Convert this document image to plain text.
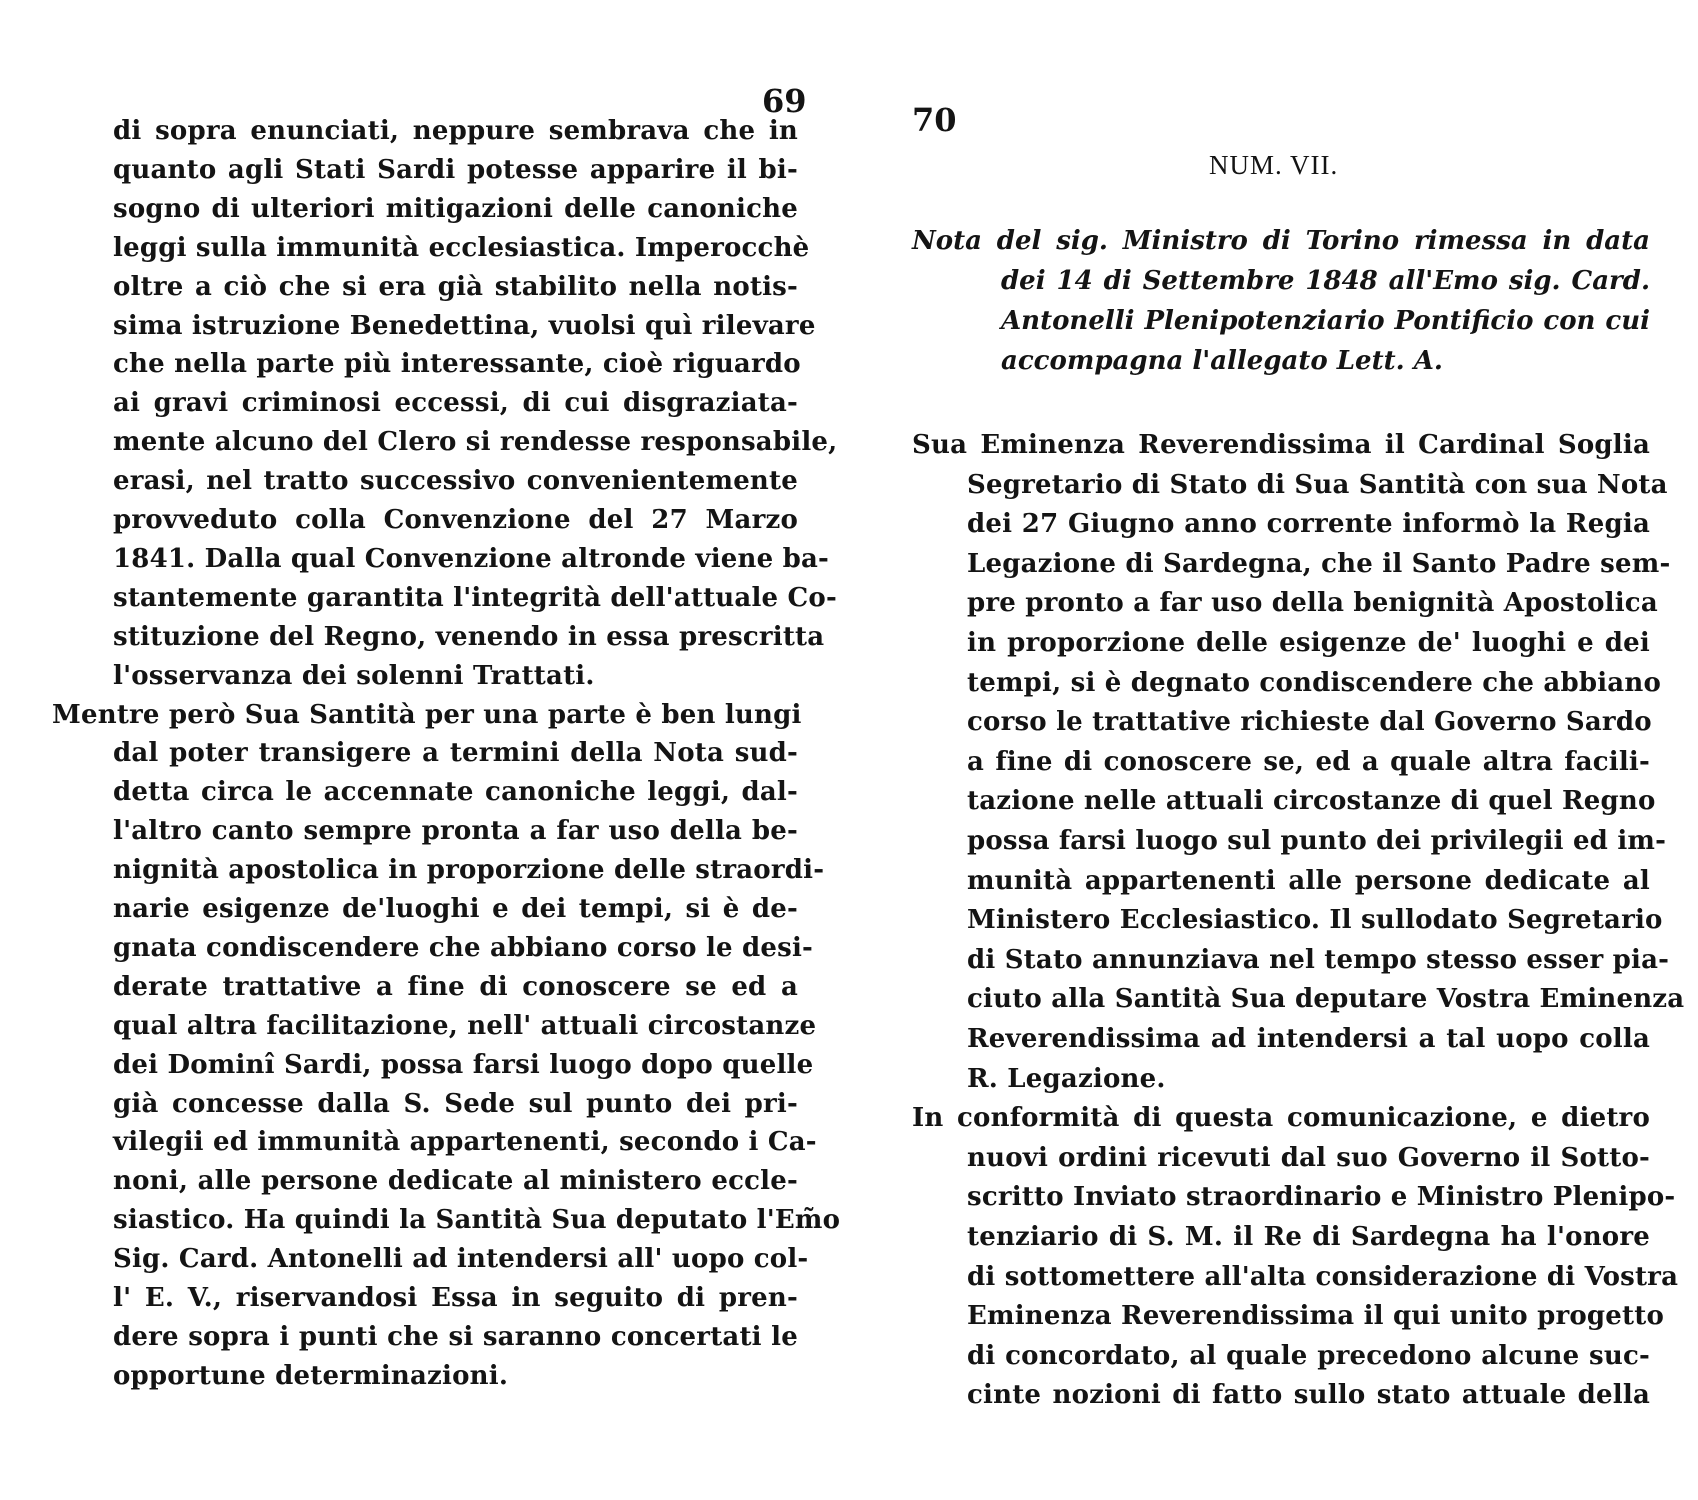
69
di sopra enunciati, neppure sembrava che in
quanto agli Stati Sardi potesse apparire il bi-
sogno di ulteriori mitigazioni delle canoniche
leggi sulla immunità ecclesiastica. Imperocchè
oltre a ciò che si era già stabilito nella notis-
sima istruzione Benedettina, vuolsi quì rilevare
che nella parte più interessante, cioè riguardo
ai gravi criminosi eccessi, di cui disgraziata-
mente alcuno del Clero si rendesse responsabile,
erasi, nel tratto successivo convenientemente
provveduto colla Convenzione del 27 Marzo
1841. Dalla qual Convenzione altronde viene ba-
stantemente garantita l'integrità dell'attuale Co-
stituzione del Regno, venendo in essa prescritta
l'osservanza dei solenni Trattati.
Mentre però Sua Santità per una parte è ben lungi
dal poter transigere a termini della Nota sud-
detta circa le accennate canoniche leggi, dal-
l'altro canto sempre pronta a far uso della be-
nignità apostolica in proporzione delle straordi-
narie esigenze de'luoghi e dei tempi, si è de-
gnata condiscendere che abbiano corso le desi-
derate trattative a fine di conoscere se ed a
qual altra facilitazione, nell' attuali circostanze
dei Dominî Sardi, possa farsi luogo dopo quelle
già concesse dalla S. Sede sul punto dei pri-
vilegii ed immunità appartenenti, secondo i Ca-
noni, alle persone dedicate al ministero eccle-
siastico. Ha quindi la Santità Sua deputato l'Em̃o
Sig. Card. Antonelli ad intendersi all' uopo col-
l' E. V., riservandosi Essa in seguito di pren-
dere sopra i punti che si saranno concertati le
opportune determinazioni.
70
NUM. VII.
Nota del sig. Ministro di Torino rimessa in data
dei 14 di Settembre 1848 all'Emo sig. Card.
Antonelli Plenipotenziario Pontificio con cui
accompagna l'allegato Lett. A.
Sua Eminenza Reverendissima il Cardinal Soglia
Segretario di Stato di Sua Santità con sua Nota
dei 27 Giugno anno corrente informò la Regia
Legazione di Sardegna, che il Santo Padre sem-
pre pronto a far uso della benignità Apostolica
in proporzione delle esigenze de' luoghi e dei
tempi, si è degnato condiscendere che abbiano
corso le trattative richieste dal Governo Sardo
a fine di conoscere se, ed a quale altra facili-
tazione nelle attuali circostanze di quel Regno
possa farsi luogo sul punto dei privilegii ed im-
munità appartenenti alle persone dedicate al
Ministero Ecclesiastico. Il sullodato Segretario
di Stato annunziava nel tempo stesso esser pia-
ciuto alla Santità Sua deputare Vostra Eminenza
Reverendissima ad intendersi a tal uopo colla
R. Legazione.
In conformità di questa comunicazione, e dietro
nuovi ordini ricevuti dal suo Governo il Sotto-
scritto Inviato straordinario e Ministro Plenipo-
tenziario di S. M. il Re di Sardegna ha l'onore
di sottomettere all'alta considerazione di Vostra
Eminenza Reverendissima il qui unito progetto
di concordato, al quale precedono alcune suc-
cinte nozioni di fatto sullo stato attuale della
